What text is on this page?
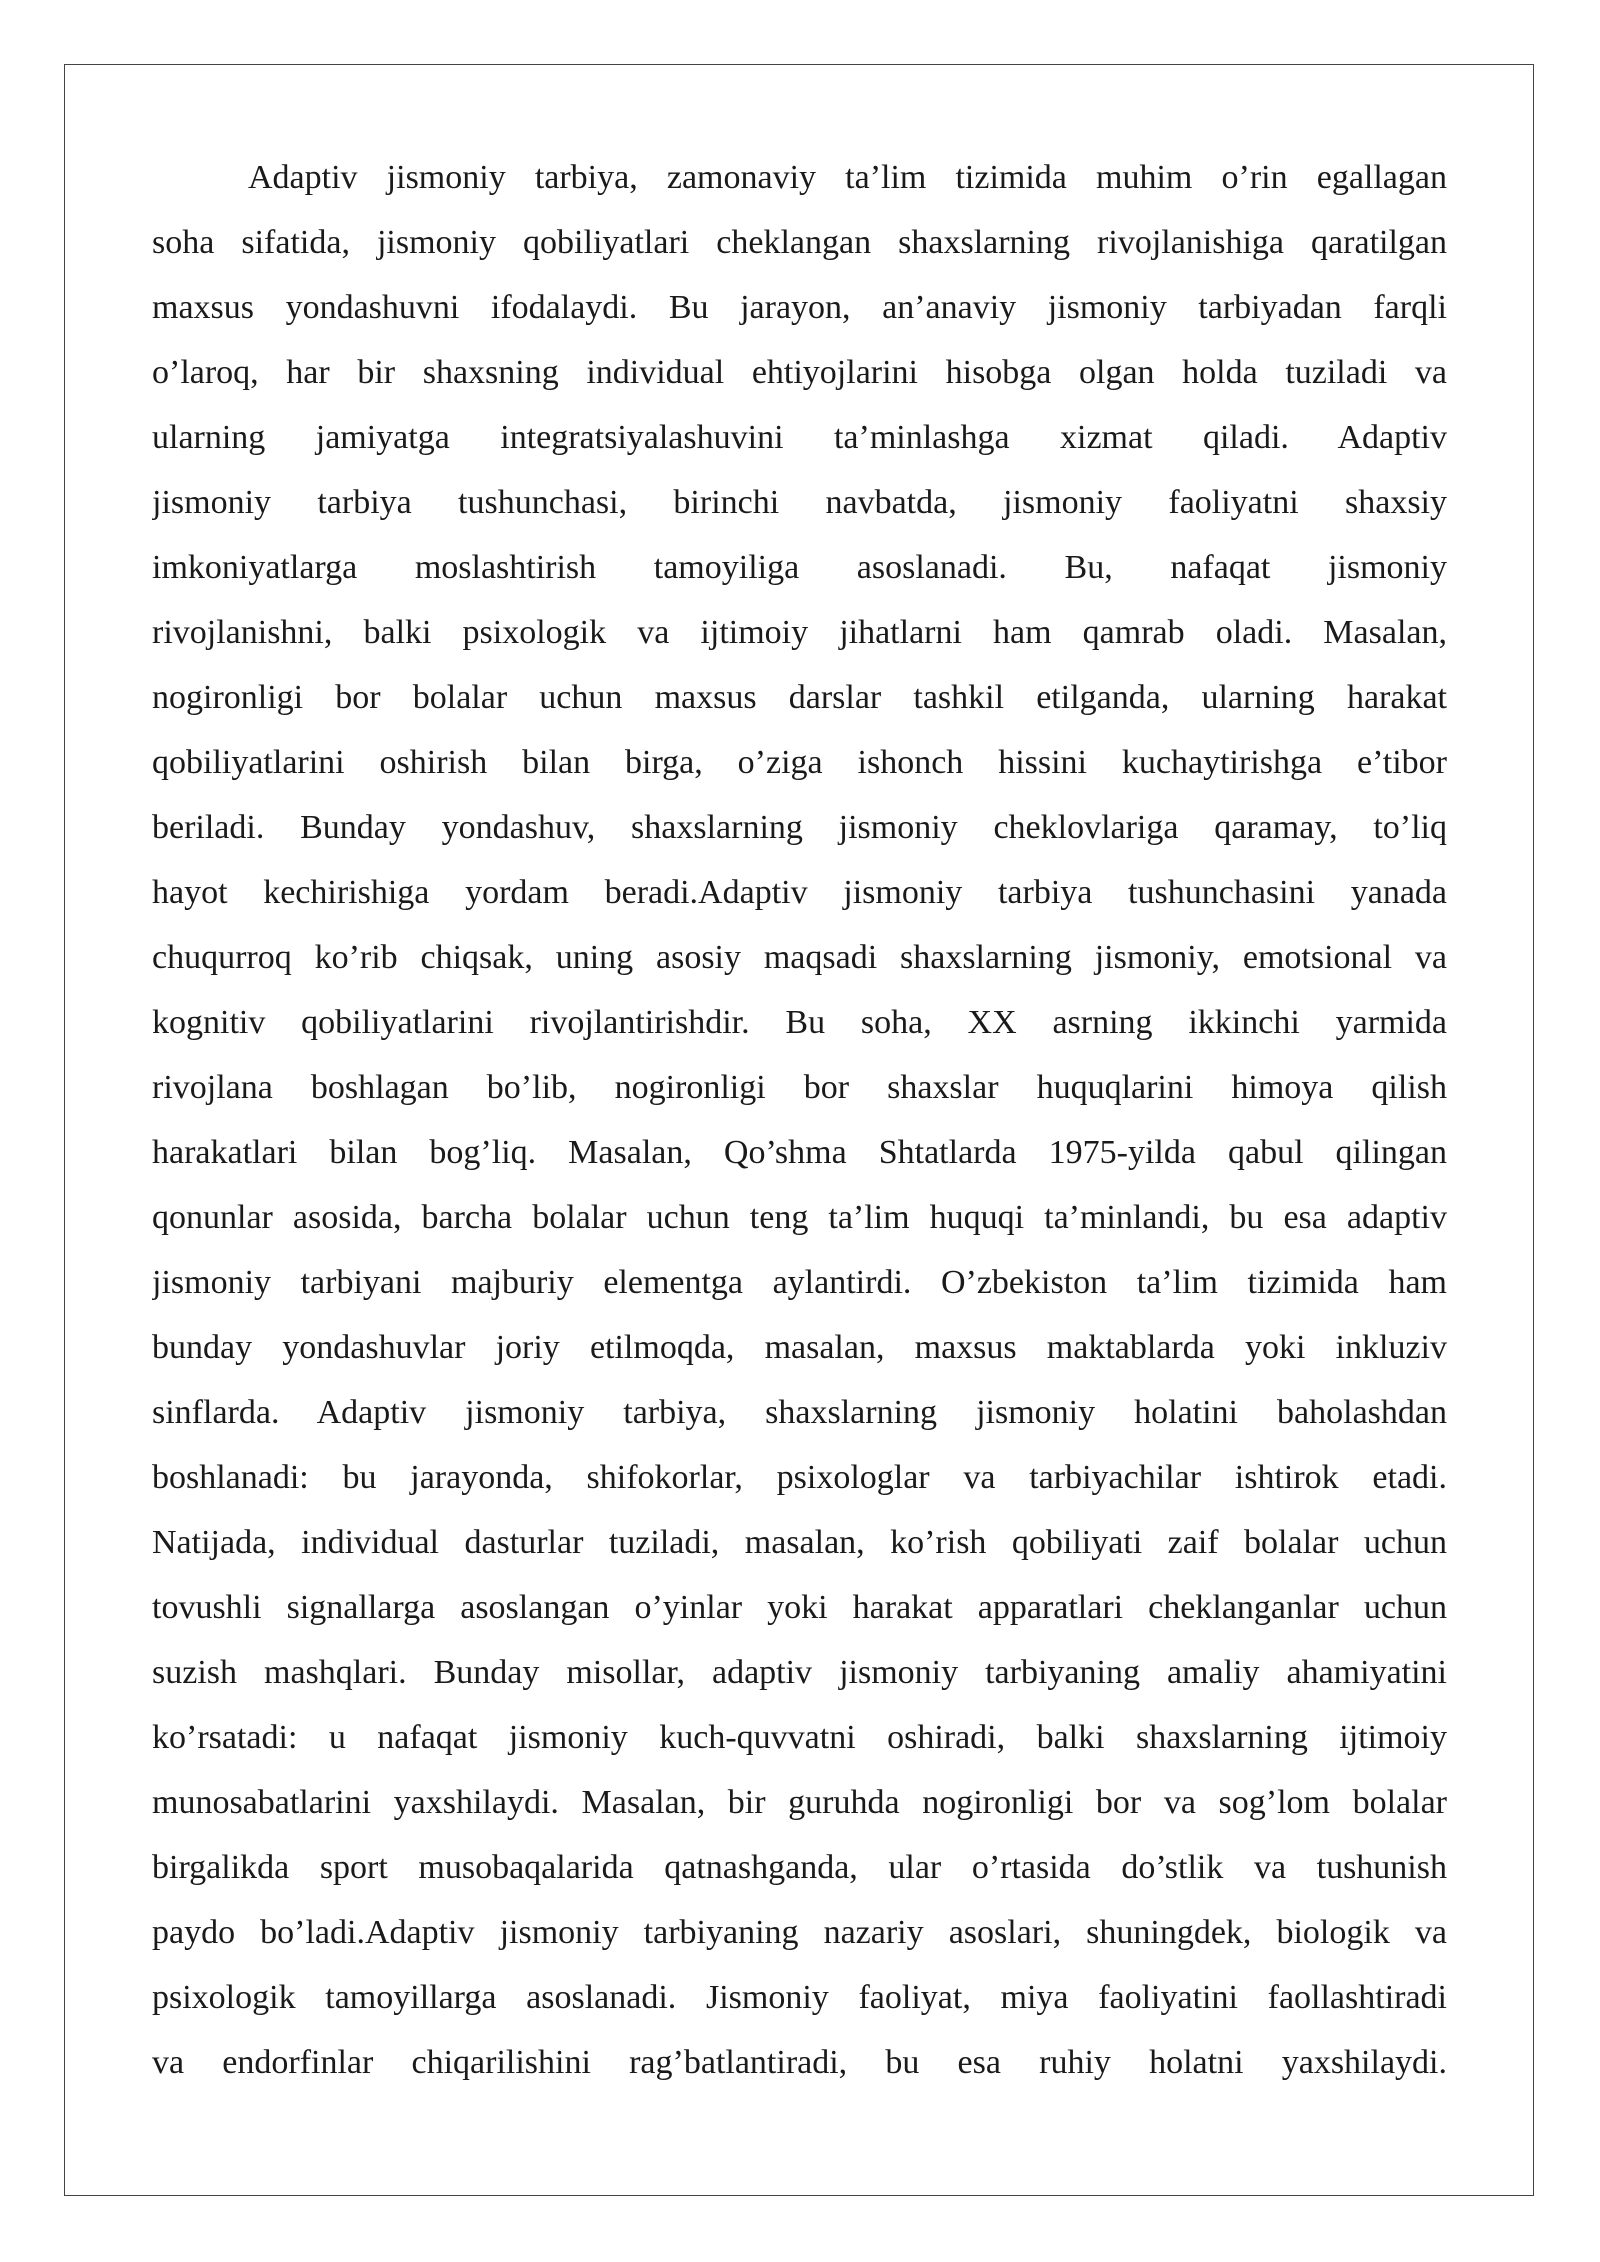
Adaptiv jismoniy tarbiya, zamonaviy ta’lim tizimida muhim o’rin egallagan
soha sifatida, jismoniy qobiliyatlari cheklangan shaxslarning rivojlanishiga qaratilgan
maxsus yondashuvni ifodalaydi. Bu jarayon, an’anaviy jismoniy tarbiyadan farqli
o’laroq, har bir shaxsning individual ehtiyojlarini hisobga olgan holda tuziladi va
ularning jamiyatga integratsiyalashuvini ta’minlashga xizmat qiladi. Adaptiv
jismoniy tarbiya tushunchasi, birinchi navbatda, jismoniy faoliyatni shaxsiy
imkoniyatlarga moslashtirish tamoyiliga asoslanadi. Bu, nafaqat jismoniy
rivojlanishni, balki psixologik va ijtimoiy jihatlarni ham qamrab oladi. Masalan,
nogironligi bor bolalar uchun maxsus darslar tashkil etilganda, ularning harakat
qobiliyatlarini oshirish bilan birga, o’ziga ishonch hissini kuchaytirishga e’tibor
beriladi. Bunday yondashuv, shaxslarning jismoniy cheklovlariga qaramay, to’liq
hayot kechirishiga yordam beradi.Adaptiv jismoniy tarbiya tushunchasini yanada
chuqurroq ko’rib chiqsak, uning asosiy maqsadi shaxslarning jismoniy, emotsional va
kognitiv qobiliyatlarini rivojlantirishdir. Bu soha, XX asrning ikkinchi yarmida
rivojlana boshlagan bo’lib, nogironligi bor shaxslar huquqlarini himoya qilish
harakatlari bilan bog’liq. Masalan, Qo’shma Shtatlarda 1975-yilda qabul qilingan
qonunlar asosida, barcha bolalar uchun teng ta’lim huquqi ta’minlandi, bu esa adaptiv
jismoniy tarbiyani majburiy elementga aylantirdi. O’zbekiston ta’lim tizimida ham
bunday yondashuvlar joriy etilmoqda, masalan, maxsus maktablarda yoki inkluziv
sinflarda. Adaptiv jismoniy tarbiya, shaxslarning jismoniy holatini baholashdan
boshlanadi: bu jarayonda, shifokorlar, psixologlar va tarbiyachilar ishtirok etadi.
Natijada, individual dasturlar tuziladi, masalan, ko’rish qobiliyati zaif bolalar uchun
tovushli signallarga asoslangan o’yinlar yoki harakat apparatlari cheklanganlar uchun
suzish mashqlari. Bunday misollar, adaptiv jismoniy tarbiyaning amaliy ahamiyatini
ko’rsatadi: u nafaqat jismoniy kuch-quvvatni oshiradi, balki shaxslarning ijtimoiy
munosabatlarini yaxshilaydi. Masalan, bir guruhda nogironligi bor va sog’lom bolalar
birgalikda sport musobaqalarida qatnashganda, ular o’rtasida do’stlik va tushunish
paydo bo’ladi.Adaptiv jismoniy tarbiyaning nazariy asoslari, shuningdek, biologik va
psixologik tamoyillarga asoslanadi. Jismoniy faoliyat, miya faoliyatini faollashtiradi
va endorfinlar chiqarilishini rag’batlantiradi, bu esa ruhiy holatni yaxshilaydi.
